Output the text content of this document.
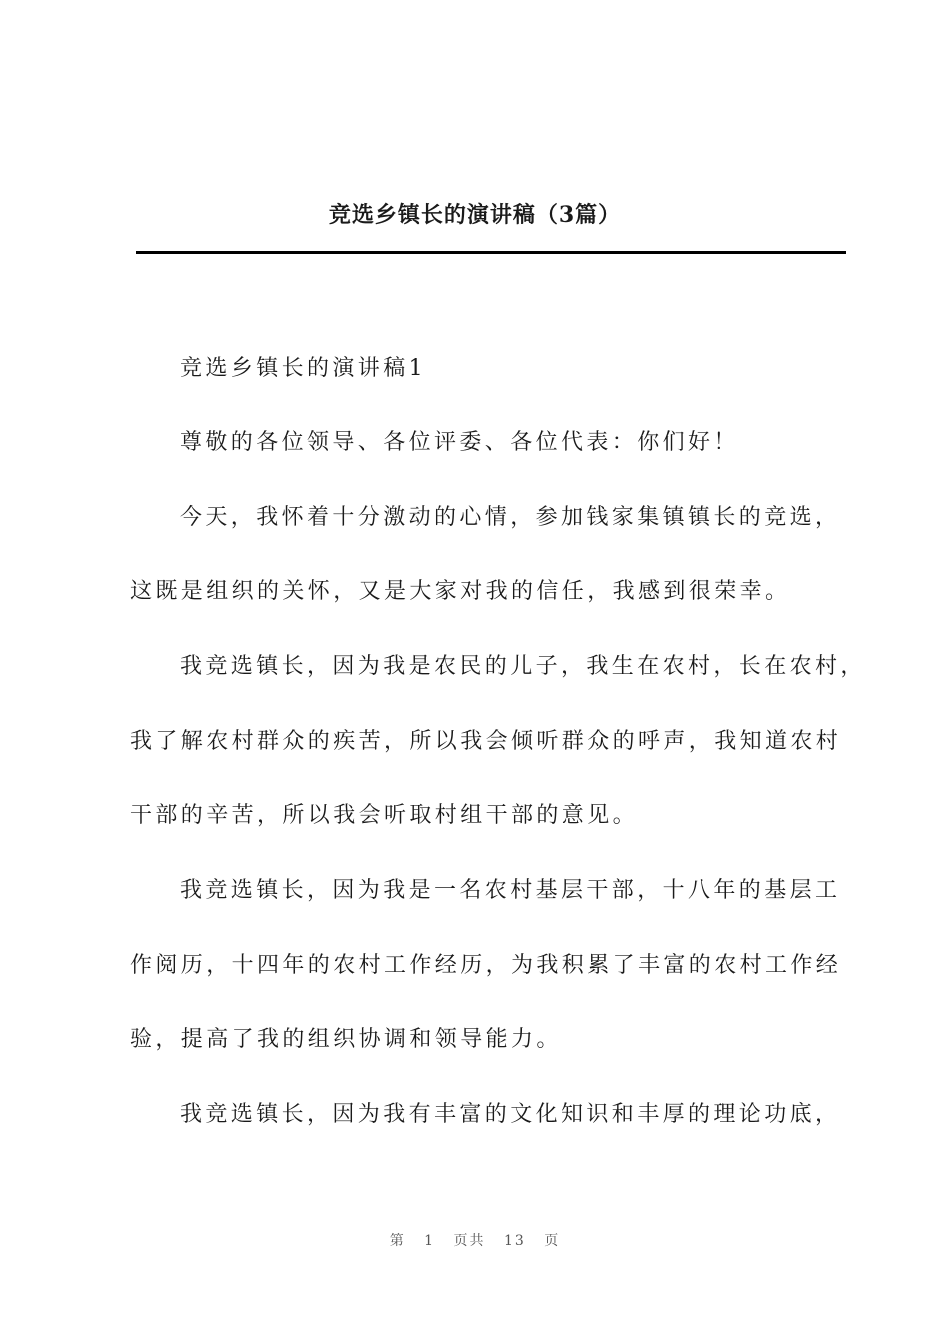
竞选乡镇长的演讲稿（3篇）
竞选乡镇长的演讲稿1
尊敬的各位领导、各位评委、各位代表：你们好！
今天，我怀着十分激动的心情，参加钱家集镇镇长的竞选，
这既是组织的关怀，又是大家对我的信任，我感到很荣幸。
我竞选镇长，因为我是农民的儿子，我生在农村，长在农村，
我了解农村群众的疾苦，所以我会倾听群众的呼声，我知道农村
干部的辛苦，所以我会听取村组干部的意见。
我竞选镇长，因为我是一名农村基层干部，十八年的基层工
作阅历，十四年的农村工作经历，为我积累了丰富的农村工作经
验，提高了我的组织协调和领导能力。
我竞选镇长，因为我有丰富的文化知识和丰厚的理论功底，
第 1 页共 13 页
